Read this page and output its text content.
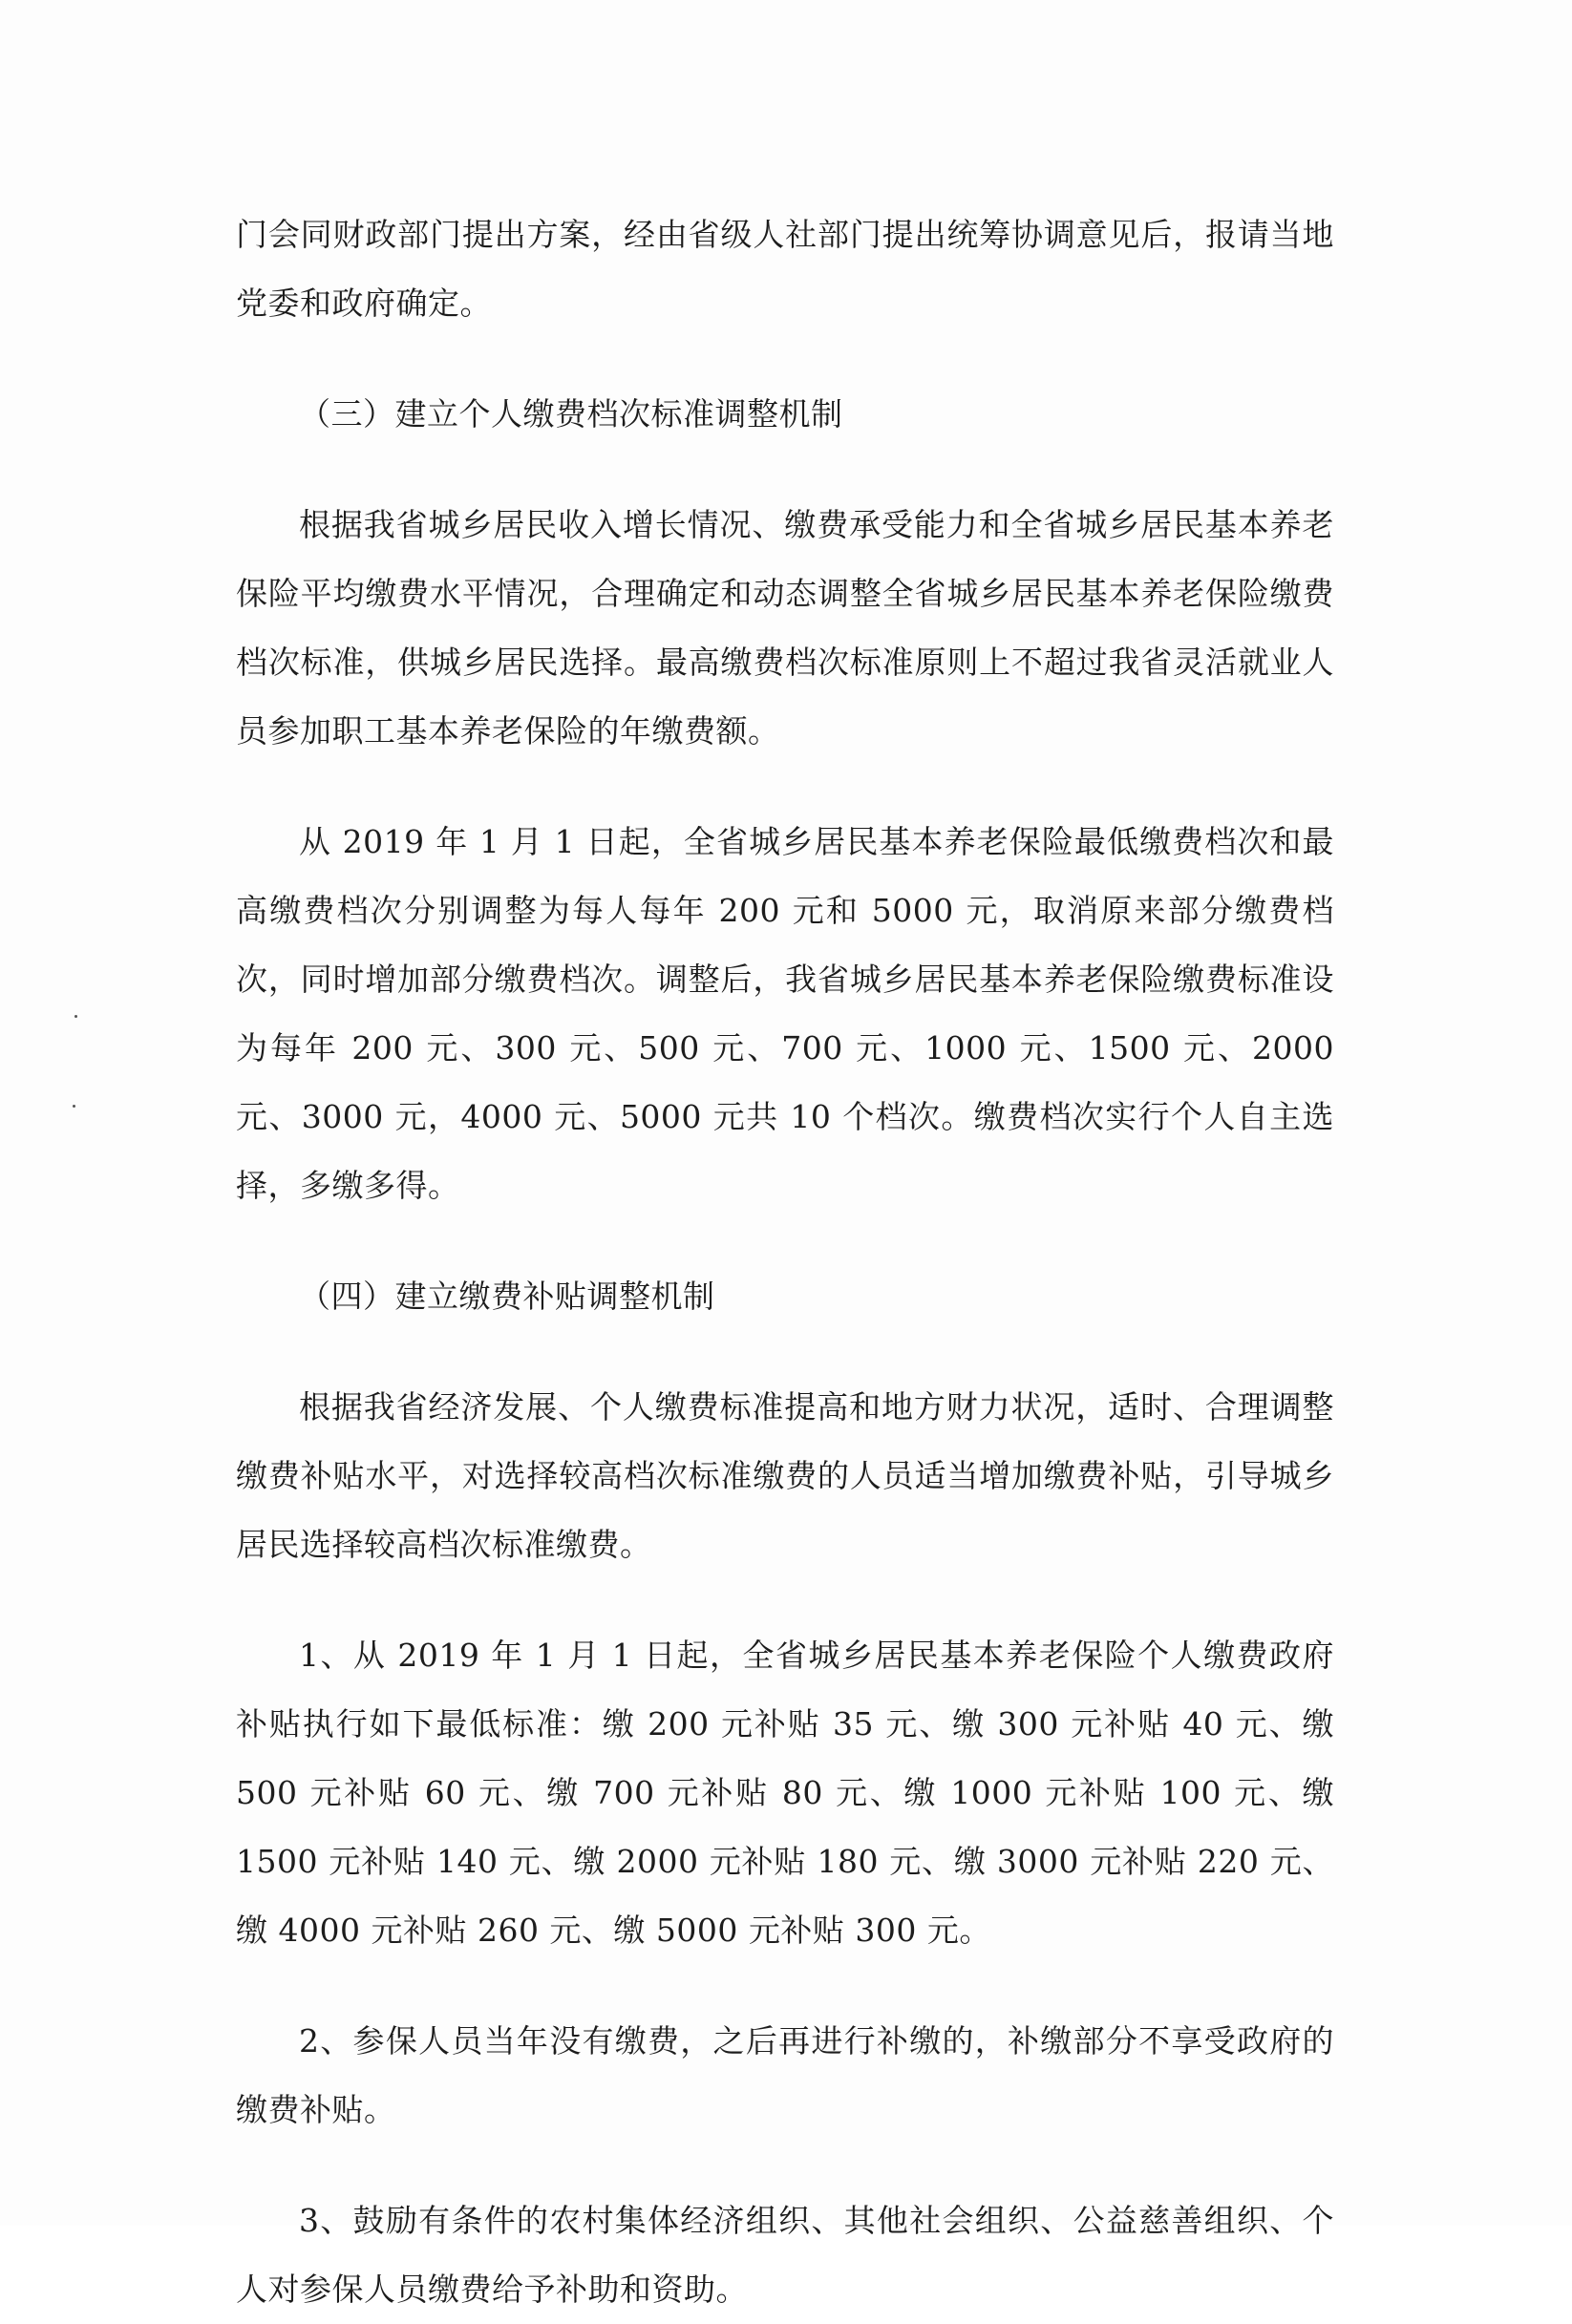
门会同财政部门提出方案，经由省级人社部门提出统筹协调意见后，报请当地党委和政府确定。

（三）建立个人缴费档次标准调整机制

根据我省城乡居民收入增长情况、缴费承受能力和全省城乡居民基本养老保险平均缴费水平情况，合理确定和动态调整全省城乡居民基本养老保险缴费档次标准，供城乡居民选择。最高缴费档次标准原则上不超过我省灵活就业人员参加职工基本养老保险的年缴费额。

从 2019 年 1 月 1 日起，全省城乡居民基本养老保险最低缴费档次和最高缴费档次分别调整为每人每年 200 元和 5000 元，取消原来部分缴费档次，同时增加部分缴费档次。调整后，我省城乡居民基本养老保险缴费标准设为每年 200 元、300 元、500 元、700 元、1000 元、1500 元、2000 元、3000 元，4000 元、5000 元共 10 个档次。缴费档次实行个人自主选择，多缴多得。

（四）建立缴费补贴调整机制

根据我省经济发展、个人缴费标准提高和地方财力状况，适时、合理调整缴费补贴水平，对选择较高档次标准缴费的人员适当增加缴费补贴，引导城乡居民选择较高档次标准缴费。

1、从 2019 年 1 月 1 日起，全省城乡居民基本养老保险个人缴费政府补贴执行如下最低标准：缴 200 元补贴 35 元、缴 300 元补贴 40 元、缴 500 元补贴 60 元、缴 700 元补贴 80 元、缴 1000 元补贴 100 元、缴 1500 元补贴 140 元、缴 2000 元补贴 180 元、缴 3000 元补贴 220 元、缴 4000 元补贴 260 元、缴 5000 元补贴 300 元。

2、参保人员当年没有缴费，之后再进行补缴的，补缴部分不享受政府的缴费补贴。

3、鼓励有条件的农村集体经济组织、其他社会组织、公益慈善组织、个人对参保人员缴费给予补助和资助。
